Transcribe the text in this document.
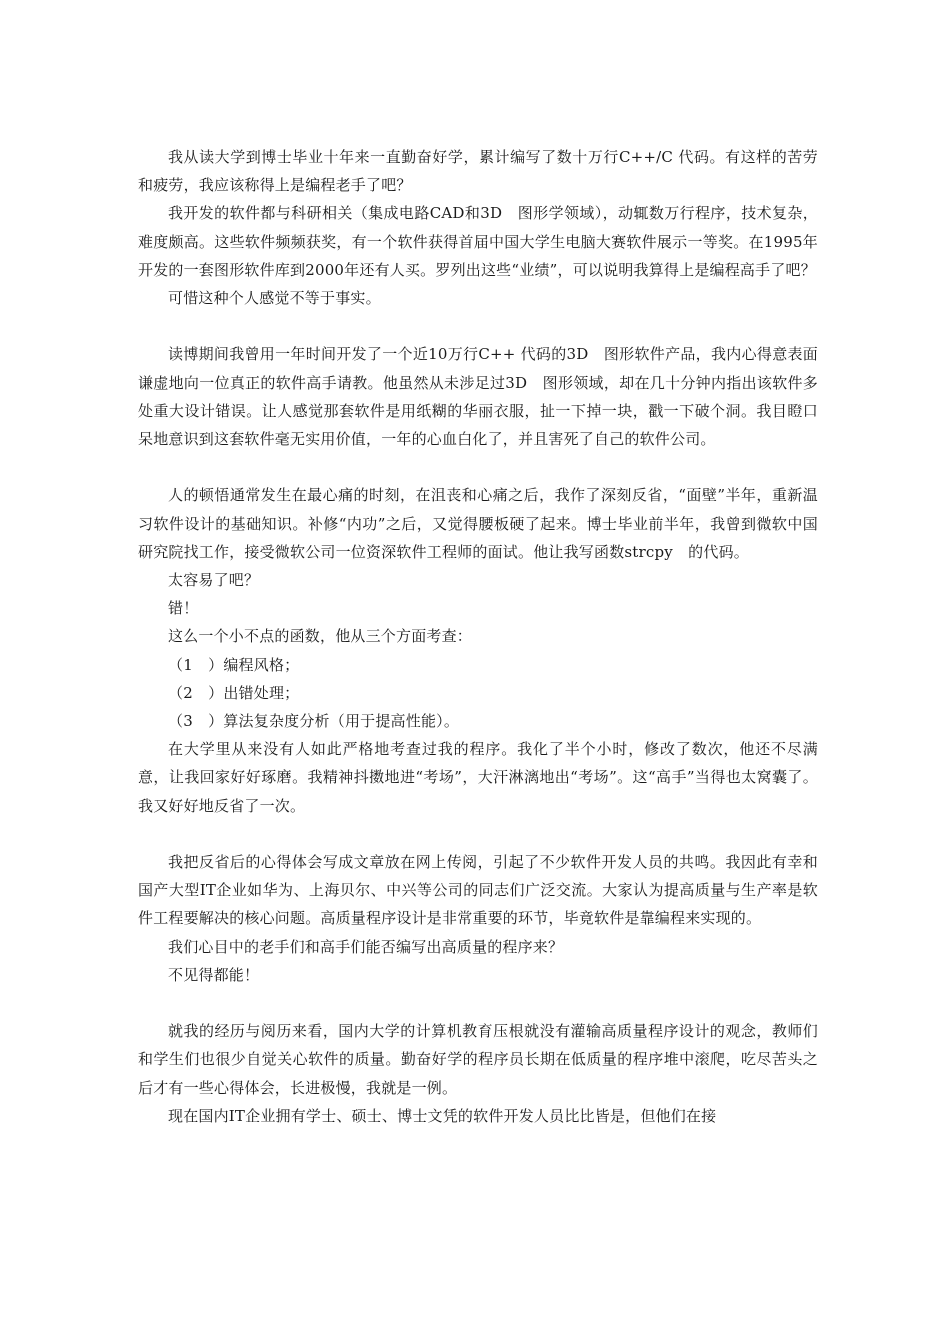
我从读大学到博士毕业十年来一直勤奋好学，累计编写了数十万行C++/C 代码。有这样的苦劳和疲劳，我应该称得上是编程老手了吧？

我开发的软件都与科研相关（集成电路CAD和3D　图形学领域），动辄数万行程序，技术复杂，难度颇高。这些软件频频获奖，有一个软件获得首届中国大学生电脑大赛软件展示一等奖。在1995年开发的一套图形软件库到2000年还有人买。罗列出这些“业绩”，可以说明我算得上是编程高手了吧？

可惜这种个人感觉不等于事实。

读博期间我曾用一年时间开发了一个近10万行C++ 代码的3D　图形软件产品，我内心得意表面谦虚地向一位真正的软件高手请教。他虽然从未涉足过3D　图形领域，却在几十分钟内指出该软件多处重大设计错误。让人感觉那套软件是用纸糊的华丽衣服，扯一下掉一块，戳一下破个洞。我目瞪口呆地意识到这套软件毫无实用价值，一年的心血白化了，并且害死了自己的软件公司。

人的顿悟通常发生在最心痛的时刻，在沮丧和心痛之后，我作了深刻反省，“面壁”半年，重新温习软件设计的基础知识。补修“内功”之后，又觉得腰板硬了起来。博士毕业前半年，我曾到微软中国研究院找工作，接受微软公司一位资深软件工程师的面试。他让我写函数strcpy　的代码。

太容易了吧？

错！

这么一个小不点的函数，他从三个方面考查：

（1　）编程风格；

（2　）出错处理；

（3　）算法复杂度分析（用于提高性能）。

在大学里从来没有人如此严格地考查过我的程序。我化了半个小时，修改了数次，他还不尽满意，让我回家好好琢磨。我精神抖擞地进“考场”，大汗淋漓地出“考场”。这“高手”当得也太窝囊了。我又好好地反省了一次。

我把反省后的心得体会写成文章放在网上传阅，引起了不少软件开发人员的共鸣。我因此有幸和国产大型IT企业如华为、上海贝尔、中兴等公司的同志们广泛交流。大家认为提高质量与生产率是软件工程要解决的核心问题。高质量程序设计是非常重要的环节，毕竟软件是靠编程来实现的。

我们心目中的老手们和高手们能否编写出高质量的程序来？

不见得都能！

就我的经历与阅历来看，国内大学的计算机教育压根就没有灌输高质量程序设计的观念，教师们和学生们也很少自觉关心软件的质量。勤奋好学的程序员长期在低质量的程序堆中滚爬，吃尽苦头之后才有一些心得体会，长进极慢，我就是一例。

现在国内IT企业拥有学士、硕士、博士文凭的软件开发人员比比皆是，但他们在接
